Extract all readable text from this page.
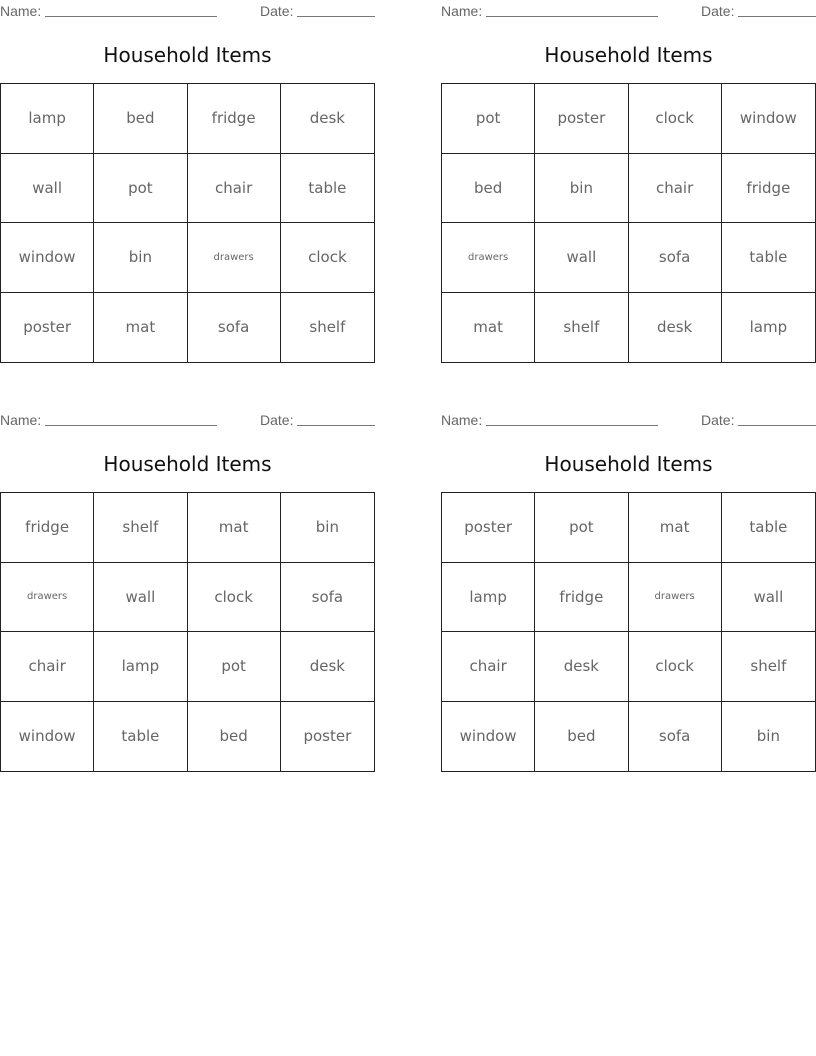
Name:	Date:
Household Items
lamp	bed	fridge	desk
wall	pot	chair	table
window	bin	drawers	clock
poster	mat	sofa	shelf
Name:	Date:
Household Items
pot	poster	clock	window
bed	bin	chair	fridge
drawers	wall	sofa	table
mat	shelf	desk	lamp
Name:	Date:
Household Items
fridge	shelf	mat	bin
drawers	wall	clock	sofa
chair	lamp	pot	desk
window	table	bed	poster
Name:	Date:
Household Items
poster	pot	mat	table
lamp	fridge	drawers	wall
chair	desk	clock	shelf
window	bed	sofa	bin
